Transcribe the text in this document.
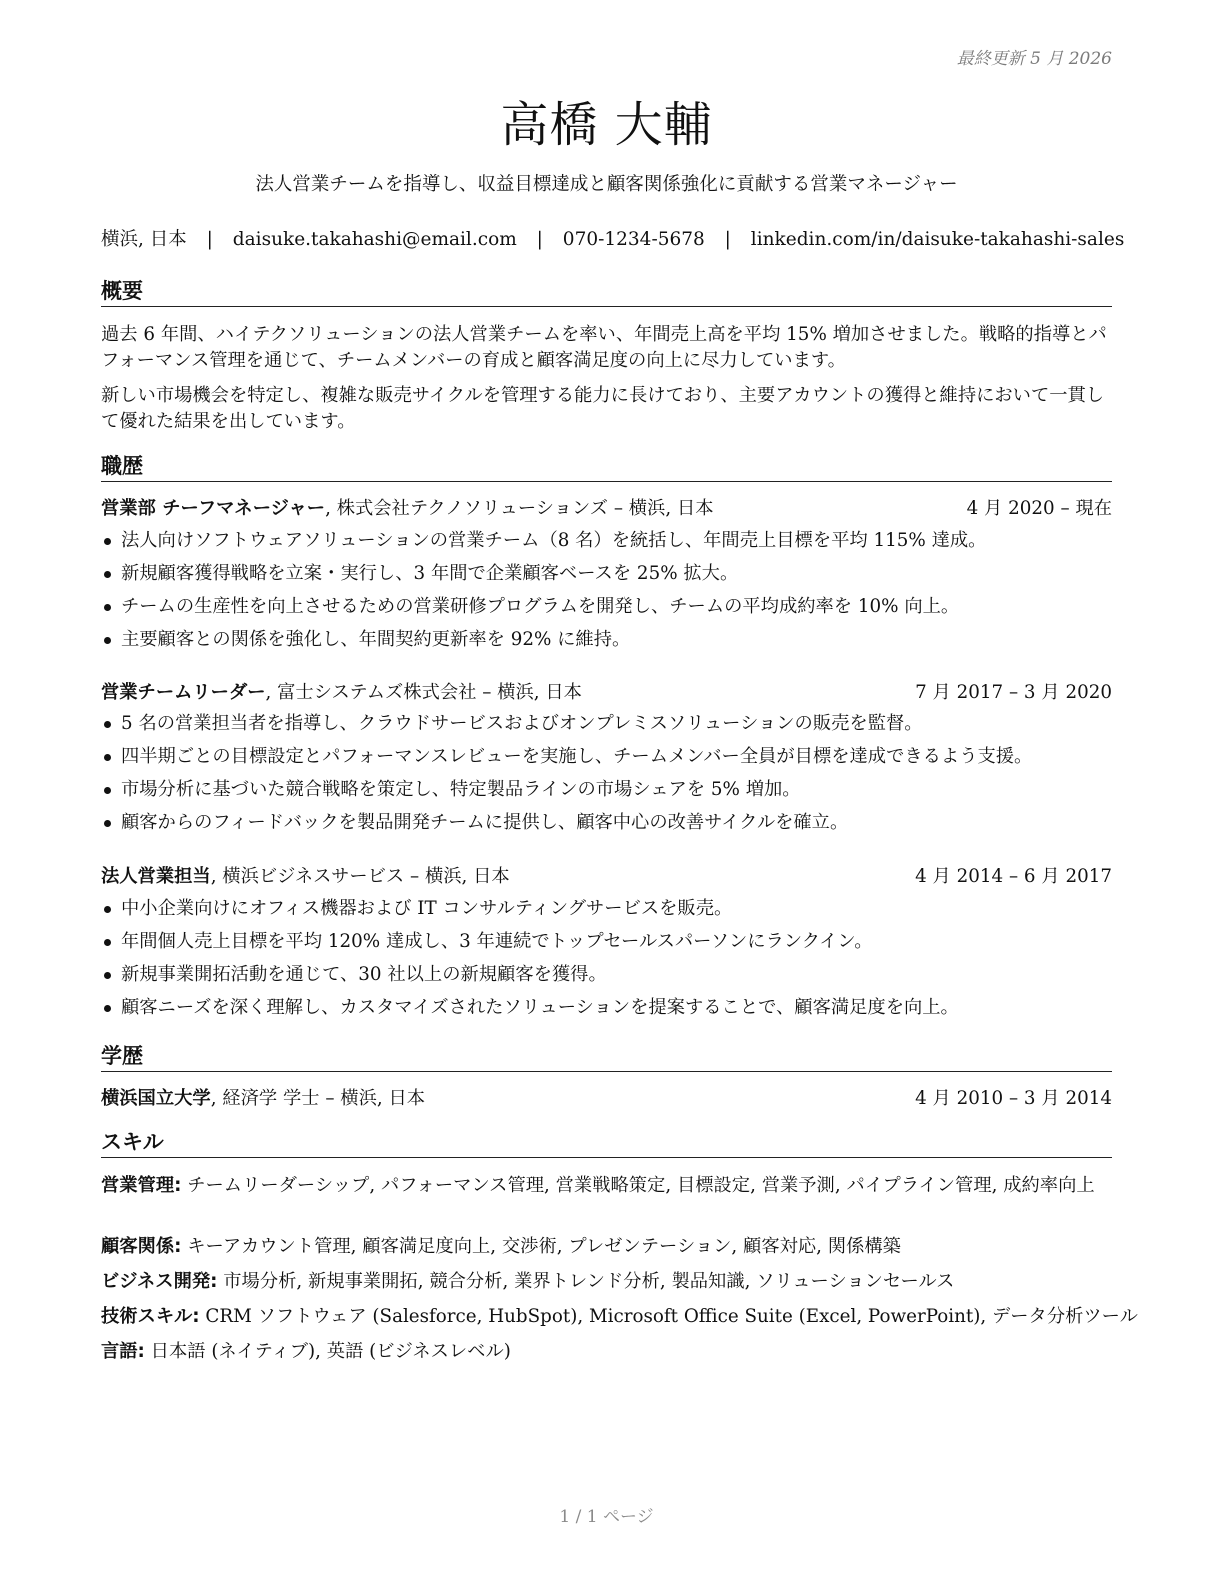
最終更新 5 月 2026
高橋 大輔
法人営業チームを指導し、収益目標達成と顧客関係強化に貢献する営業マネージャー
横浜, 日本 | daisuke.takahashi@email.com | 070-1234-5678 | linkedin.com/in/daisuke-takahashi-sales
概要
過去 6 年間、ハイテクソリューションの法人営業チームを率い、年間売上高を平均 15% 増加させました。戦略的指導とパフォーマンス管理を通じて、チームメンバーの育成と顧客満足度の向上に尽力しています。
新しい市場機会を特定し、複雑な販売サイクルを管理する能力に長けており、主要アカウントの獲得と維持において一貫して優れた結果を出しています。
職歴
営業部 チーフマネージャー, 株式会社テクノソリューションズ – 横浜, 日本	4 月 2020 – 現在
法人向けソフトウェアソリューションの営業チーム（8 名）を統括し、年間売上目標を平均 115% 達成。
新規顧客獲得戦略を立案・実行し、3 年間で企業顧客ベースを 25% 拡大。
チームの生産性を向上させるための営業研修プログラムを開発し、チームの平均成約率を 10% 向上。
主要顧客との関係を強化し、年間契約更新率を 92% に維持。
営業チームリーダー, 富士システムズ株式会社 – 横浜, 日本	7 月 2017 – 3 月 2020
5 名の営業担当者を指導し、クラウドサービスおよびオンプレミスソリューションの販売を監督。
四半期ごとの目標設定とパフォーマンスレビューを実施し、チームメンバー全員が目標を達成できるよう支援。
市場分析に基づいた競合戦略を策定し、特定製品ラインの市場シェアを 5% 増加。
顧客からのフィードバックを製品開発チームに提供し、顧客中心の改善サイクルを確立。
法人営業担当, 横浜ビジネスサービス – 横浜, 日本	4 月 2014 – 6 月 2017
中小企業向けにオフィス機器および IT コンサルティングサービスを販売。
年間個人売上目標を平均 120% 達成し、3 年連続でトップセールスパーソンにランクイン。
新規事業開拓活動を通じて、30 社以上の新規顧客を獲得。
顧客ニーズを深く理解し、カスタマイズされたソリューションを提案することで、顧客満足度を向上。
学歴
横浜国立大学, 経済学 学士 – 横浜, 日本	4 月 2010 – 3 月 2014
スキル
営業管理: チームリーダーシップ, パフォーマンス管理, 営業戦略策定, 目標設定, 営業予測, パイプライン管理, 成約率向上
顧客関係: キーアカウント管理, 顧客満足度向上, 交渉術, プレゼンテーション, 顧客対応, 関係構築
ビジネス開発: 市場分析, 新規事業開拓, 競合分析, 業界トレンド分析, 製品知識, ソリューションセールス
技術スキル: CRM ソフトウェア (Salesforce, HubSpot), Microsoft Office Suite (Excel, PowerPoint), データ分析ツール
言語: 日本語 (ネイティブ), 英語 (ビジネスレベル)
1 / 1 ページ
